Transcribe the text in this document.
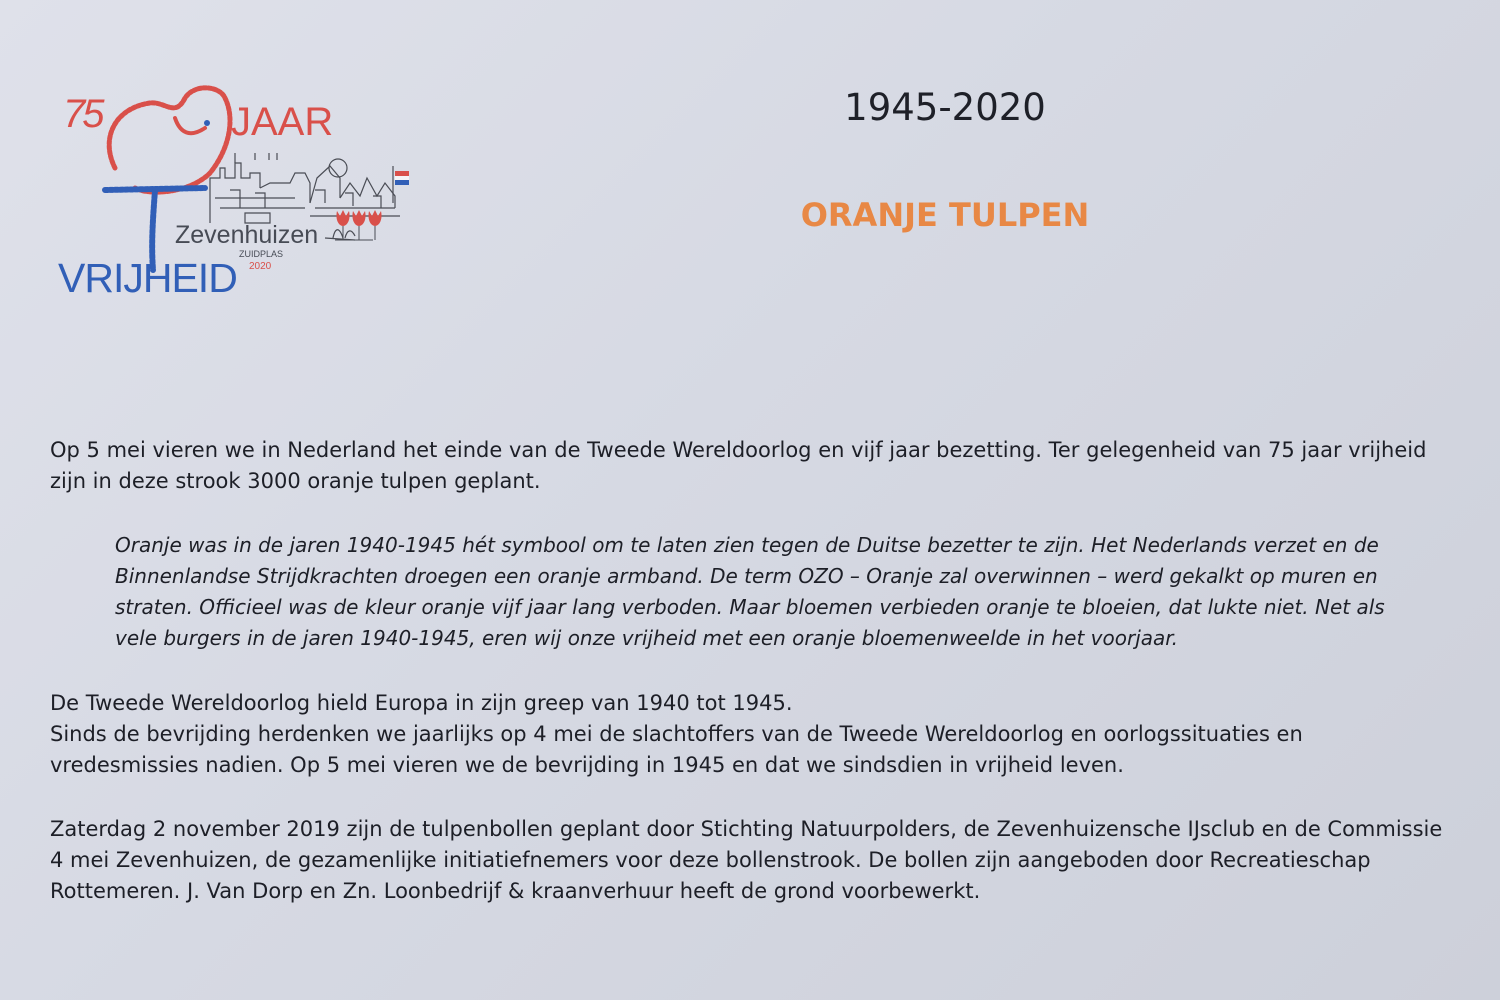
75	JAAR
Zevenhuizen
ZUIDPLAS
2020
VRIJHEID
1945-2020
ORANJE TULPEN

Op 5 mei vieren we in Nederland het einde van de Tweede Wereldoorlog en vijf jaar bezetting. Ter gelegenheid van 75 jaar vrijheid
zijn in deze strook 3000 oranje tulpen geplant.

Oranje was in de jaren 1940-1945 hét symbool om te laten zien tegen de Duitse bezetter te zijn. Het Nederlands verzet en de
Binnenlandse Strijdkrachten droegen een oranje armband. De term OZO – Oranje zal overwinnen – werd gekalkt op muren en
straten. Officieel was de kleur oranje vijf jaar lang verboden. Maar bloemen verbieden oranje te bloeien, dat lukte niet. Net als
vele burgers in de jaren 1940-1945, eren wij onze vrijheid met een oranje bloemenweelde in het voorjaar.

De Tweede Wereldoorlog hield Europa in zijn greep van 1940 tot 1945.
Sinds de bevrijding herdenken we jaarlijks op 4 mei de slachtoffers van de Tweede Wereldoorlog en oorlogssituaties en
vredesmissies nadien. Op 5 mei vieren we de bevrijding in 1945 en dat we sindsdien in vrijheid leven.

Zaterdag 2 november 2019 zijn de tulpenbollen geplant door Stichting Natuurpolders, de Zevenhuizensche IJsclub en de Commissie
4 mei Zevenhuizen, de gezamenlijke initiatiefnemers voor deze bollenstrook. De bollen zijn aangeboden door Recreatieschap
Rottemeren. J. Van Dorp en Zn. Loonbedrijf & kraanverhuur heeft de grond voorbewerkt.
